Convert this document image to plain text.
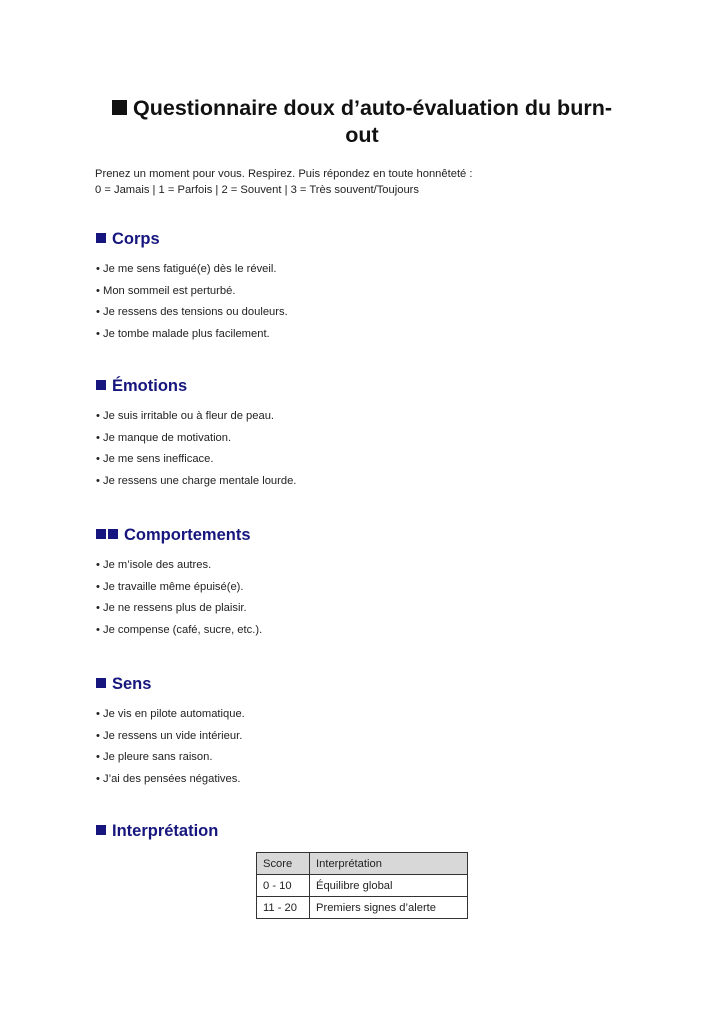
Questionnaire doux d’auto-évaluation du burn-out
Prenez un moment pour vous. Respirez. Puis répondez en toute honnêteté :
0 = Jamais | 1 = Parfois | 2 = Souvent | 3 = Très souvent/Toujours
Corps
• Je me sens fatigué(e) dès le réveil.
• Mon sommeil est perturbé.
• Je ressens des tensions ou douleurs.
• Je tombe malade plus facilement.
Émotions
• Je suis irritable ou à fleur de peau.
• Je manque de motivation.
• Je me sens inefficace.
• Je ressens une charge mentale lourde.
Comportements
• Je m’isole des autres.
• Je travaille même épuisé(e).
• Je ne ressens plus de plaisir.
• Je compense (café, sucre, etc.).
Sens
• Je vis en pilote automatique.
• Je ressens un vide intérieur.
• Je pleure sans raison.
• J’ai des pensées négatives.
Interprétation
Score	Interprétation
0 - 10	Équilibre global
11 - 20	Premiers signes d’alerte
